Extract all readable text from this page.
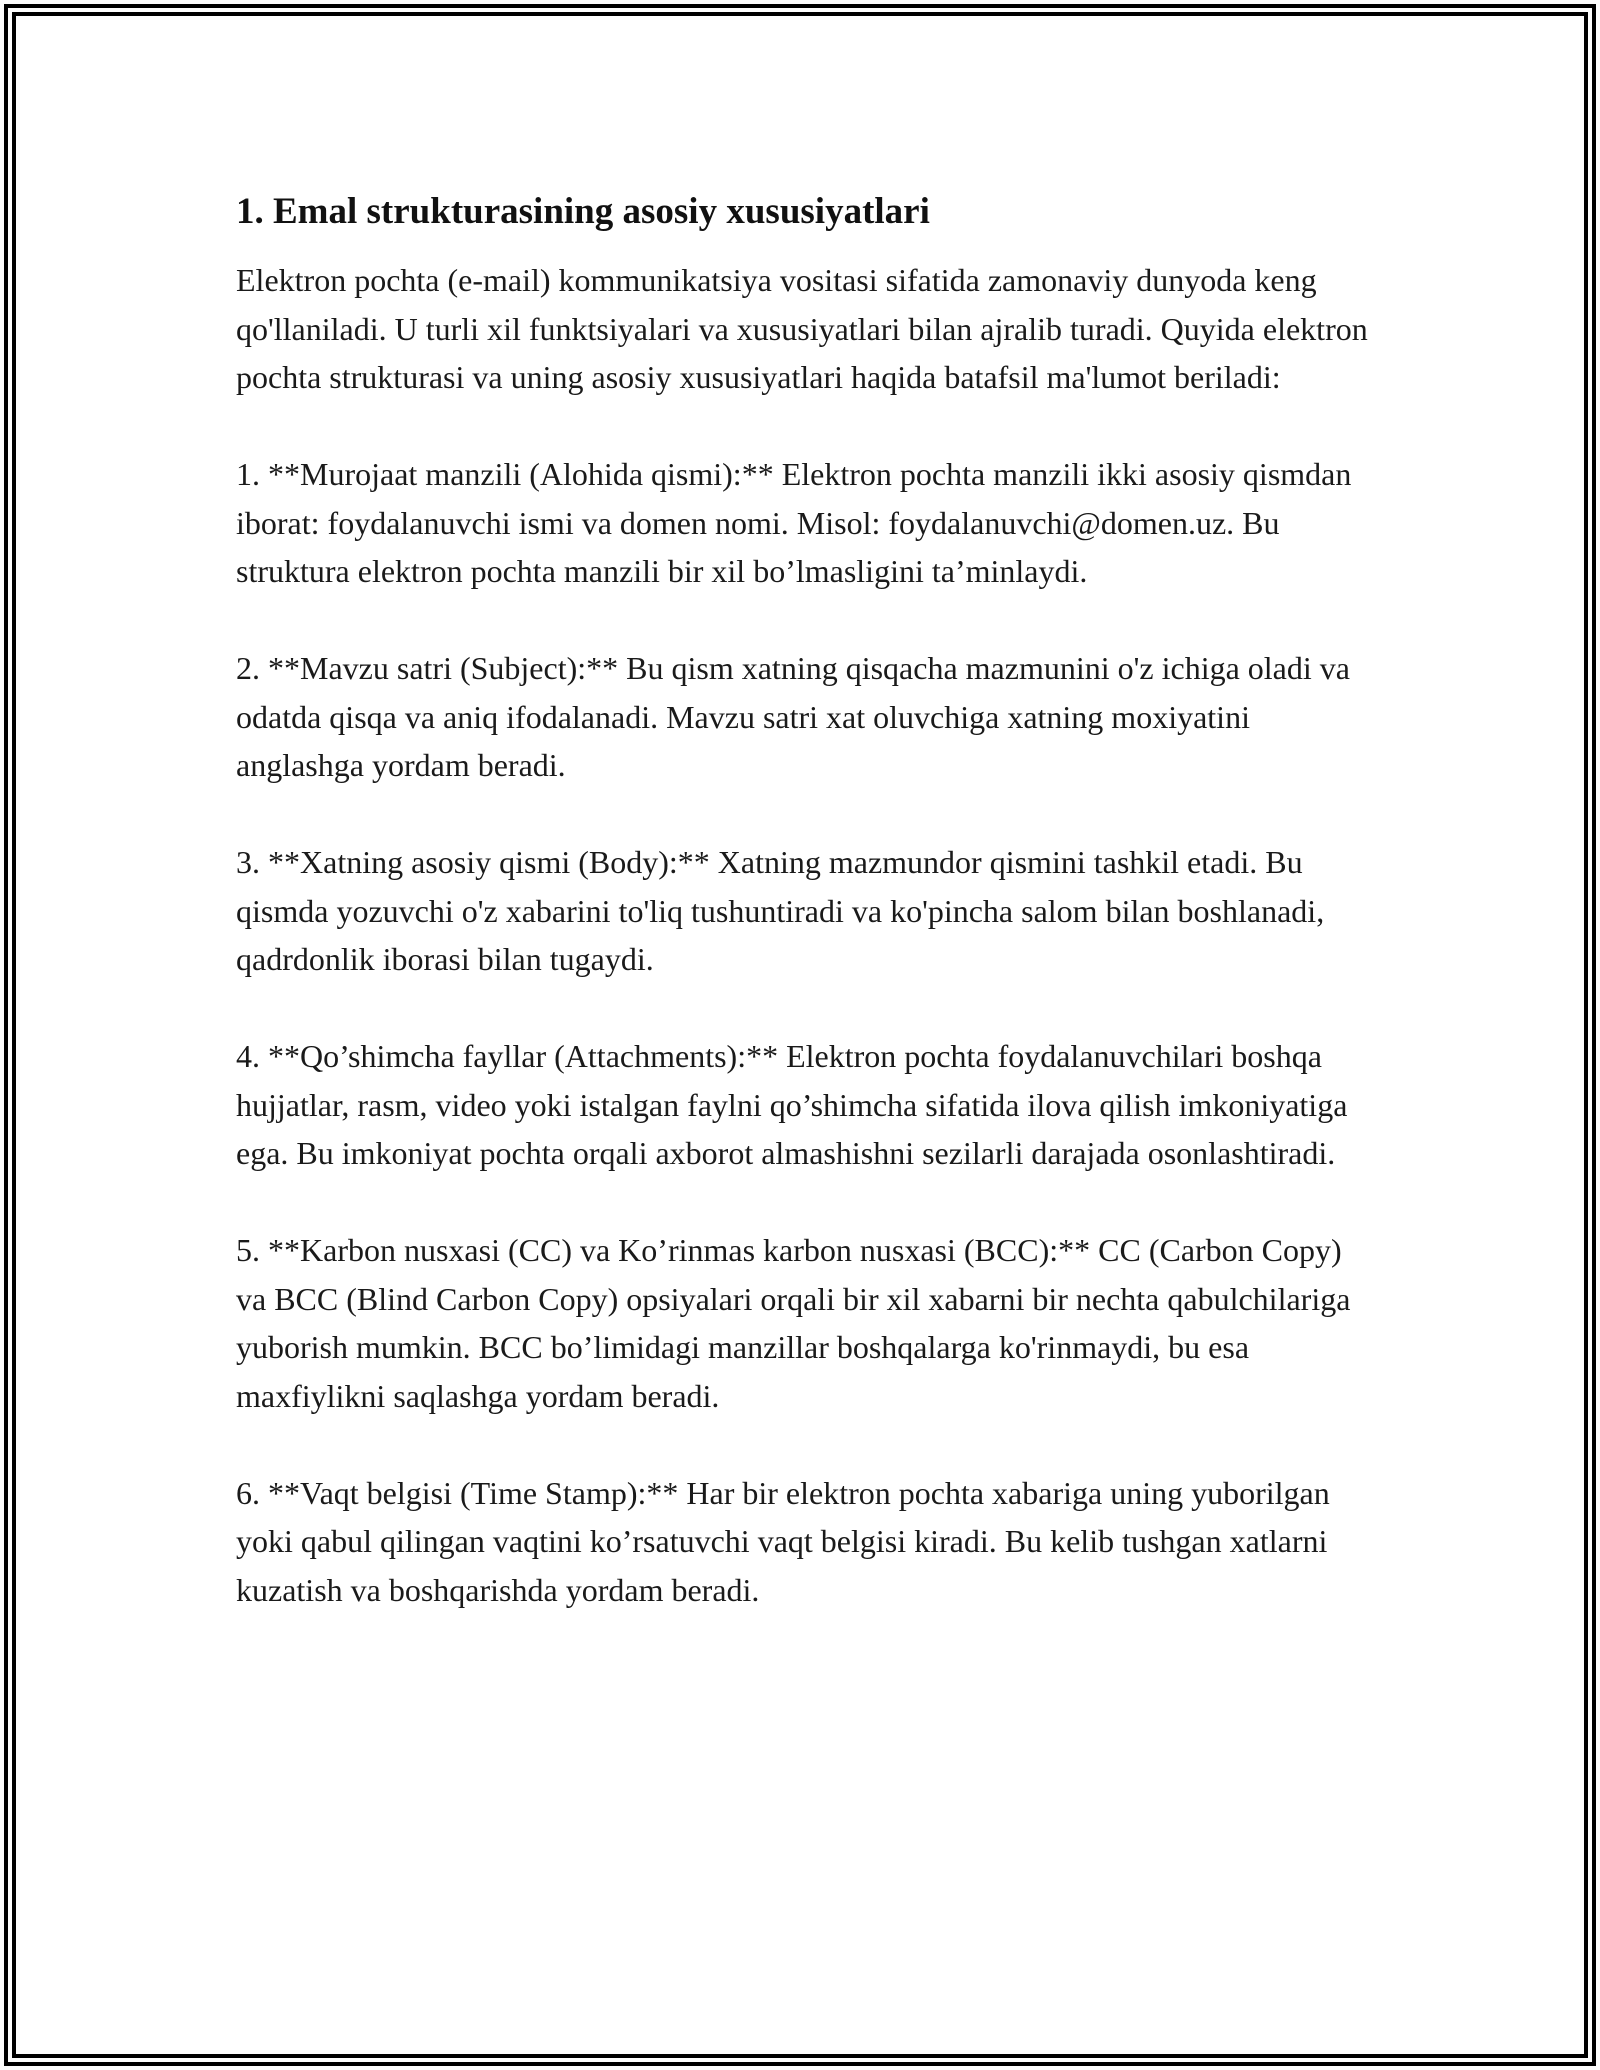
1. Emal strukturasining asosiy xususiyatlari

Elektron pochta (e-mail) kommunikatsiya vositasi sifatida zamonaviy dunyoda keng qo'llaniladi. U turli xil funktsiyalari va xususiyatlari bilan ajralib turadi. Quyida elektron pochta strukturasi va uning asosiy xususiyatlari haqida batafsil ma'lumot beriladi:

1. **Murojaat manzili (Alohida qismi):** Elektron pochta manzili ikki asosiy qismdan iborat: foydalanuvchi ismi va domen nomi. Misol: foydalanuvchi@domen.uz. Bu struktura elektron pochta manzili bir xil bo’lmasligini ta’minlaydi.

2. **Mavzu satri (Subject):** Bu qism xatning qisqacha mazmunini o'z ichiga oladi va odatda qisqa va aniq ifodalanadi. Mavzu satri xat oluvchiga xatning moxiyatini anglashga yordam beradi.

3. **Xatning asosiy qismi (Body):** Xatning mazmundor qismini tashkil etadi. Bu qismda yozuvchi o'z xabarini to'liq tushuntiradi va ko'pincha salom bilan boshlanadi, qadrdonlik iborasi bilan tugaydi.

4. **Qo’shimcha fayllar (Attachments):** Elektron pochta foydalanuvchilari boshqa hujjatlar, rasm, video yoki istalgan faylni qo’shimcha sifatida ilova qilish imkoniyatiga ega. Bu imkoniyat pochta orqali axborot almashishni sezilarli darajada osonlashtiradi.

5. **Karbon nusxasi (CC) va Ko’rinmas karbon nusxasi (BCC):** CC (Carbon Copy) va BCC (Blind Carbon Copy) opsiyalari orqali bir xil xabarni bir nechta qabulchilariga yuborish mumkin. BCC bo’limidagi manzillar boshqalarga ko'rinmaydi, bu esa maxfiylikni saqlashga yordam beradi.

6. **Vaqt belgisi (Time Stamp):** Har bir elektron pochta xabariga uning yuborilgan yoki qabul qilingan vaqtini ko’rsatuvchi vaqt belgisi kiradi. Bu kelib tushgan xatlarni kuzatish va boshqarishda yordam beradi.
